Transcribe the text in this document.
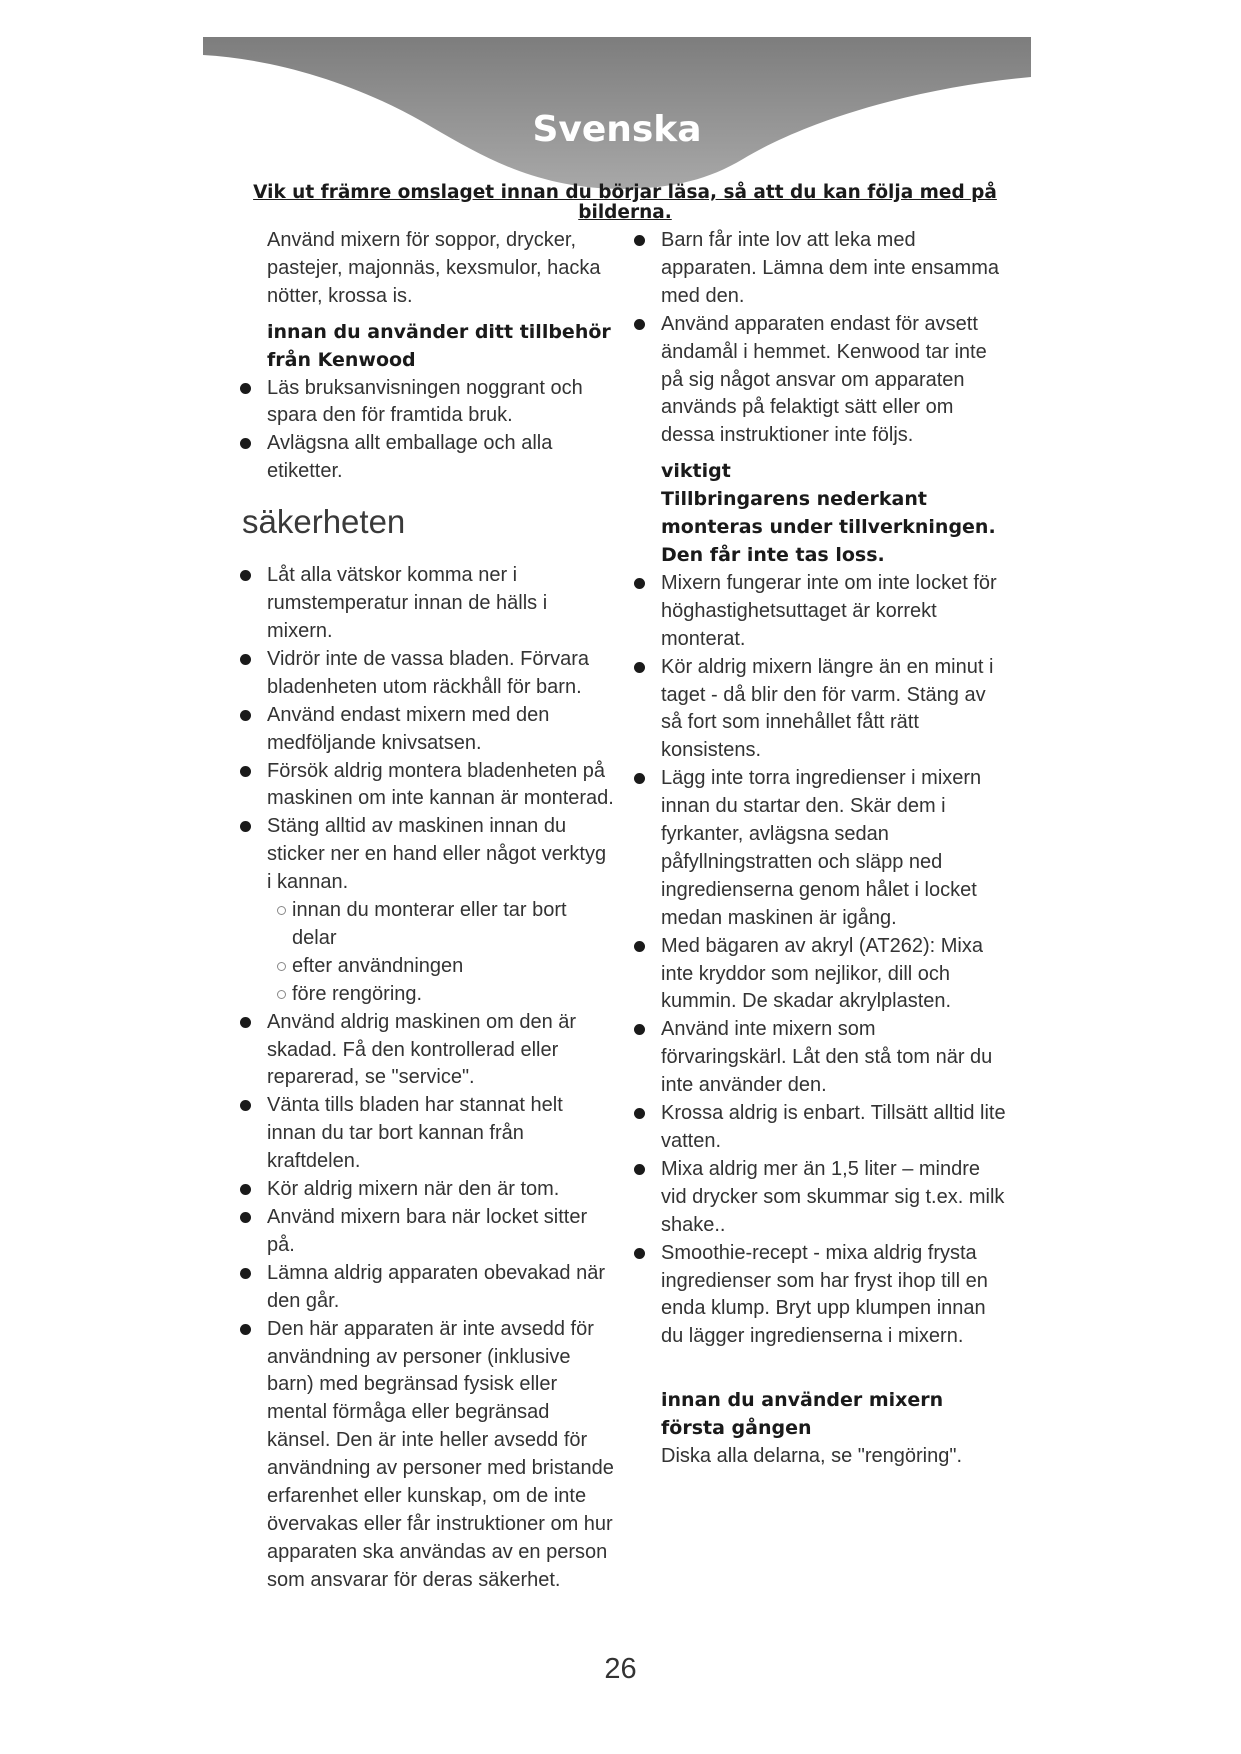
Svenska
Vik ut främre omslaget innan du börjar läsa, så att du kan följa med på bilderna.

Använd mixern för soppor, drycker, pastejer, majonnäs, kexsmulor, hacka nötter, krossa is.

innan du använder ditt tillbehör från Kenwood
Läs bruksanvisningen noggrant och spara den för framtida bruk.
Avlägsna allt emballage och alla etiketter.
säkerheten
Låt alla vätskor komma ner i rumstemperatur innan de hälls i mixern.
Vidrör inte de vassa bladen. Förvara bladenheten utom räckhåll för barn.
Använd endast mixern med den medföljande knivsatsen.
Försök aldrig montera bladenheten på maskinen om inte kannan är monterad.
Stäng alltid av maskinen innan du sticker ner en hand eller något verktyg i kannan.
innan du monterar eller tar bort delar
efter användningen
före rengöring.
Använd aldrig maskinen om den är skadad. Få den kontrollerad eller reparerad, se "service".
Vänta tills bladen har stannat helt innan du tar bort kannan från kraftdelen.
Kör aldrig mixern när den är tom.
Använd mixern bara när locket sitter på.
Lämna aldrig apparaten obevakad när den går.
Den här apparaten är inte avsedd för användning av personer (inklusive barn) med begränsad fysisk eller mental förmåga eller begränsad känsel. Den är inte heller avsedd för användning av personer med bristande erfarenhet eller kunskap, om de inte övervakas eller får instruktioner om hur apparaten ska användas av en person som ansvarar för deras säkerhet.
Barn får inte lov att leka med apparaten. Lämna dem inte ensamma med den.
Använd apparaten endast för avsett ändamål i hemmet. Kenwood tar inte på sig något ansvar om apparaten används på felaktigt sätt eller om dessa instruktioner inte följs.
viktigt
Tillbringarens nederkant monteras under tillverkningen. Den får inte tas loss.
Mixern fungerar inte om inte locket för höghastighetsuttaget är korrekt monterat.
Kör aldrig mixern längre än en minut i taget - då blir den för varm. Stäng av så fort som innehållet fått rätt konsistens.
Lägg inte torra ingredienser i mixern innan du startar den. Skär dem i fyrkanter, avlägsna sedan påfyllningstratten och släpp ned ingredienserna genom hålet i locket medan maskinen är igång.
Med bägaren av akryl (AT262): Mixa inte kryddor som nejlikor, dill och kummin. De skadar akrylplasten.
Använd inte mixern som förvaringskärl. Låt den stå tom när du inte använder den.
Krossa aldrig is enbart. Tillsätt alltid lite vatten.
Mixa aldrig mer än 1,5 liter – mindre vid drycker som skummar sig t.ex. milk shake..
Smoothie-recept - mixa aldrig frysta ingredienser som har fryst ihop till en enda klump. Bryt upp klumpen innan du lägger ingredienserna i mixern.
innan du använder mixern första gången

Diska alla delarna, se "rengöring".

26
